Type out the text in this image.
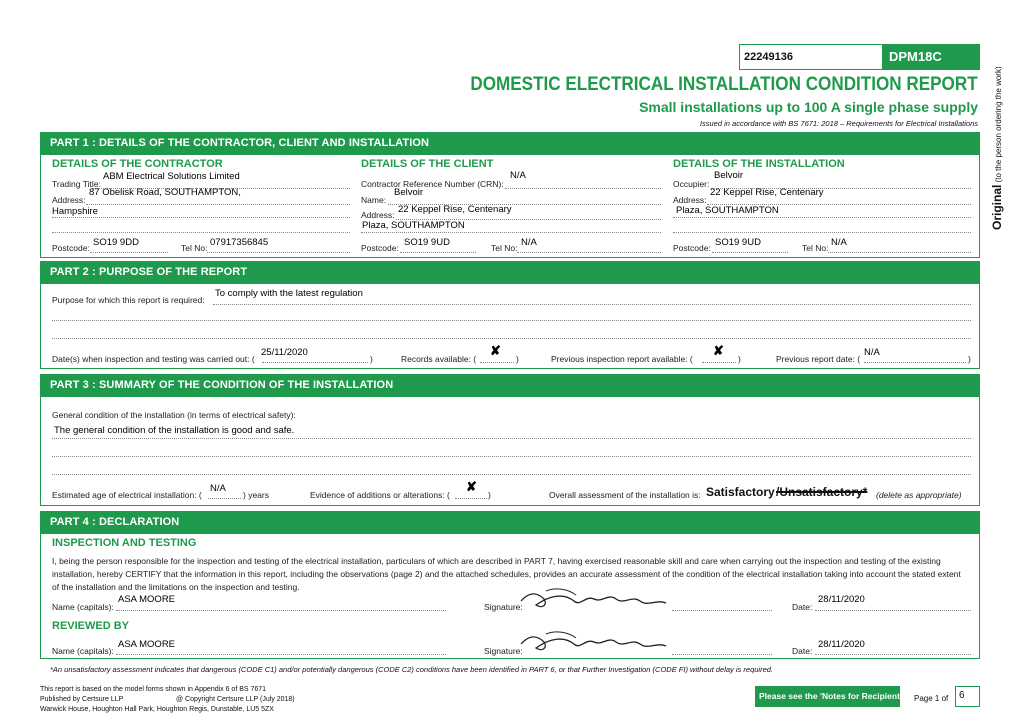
22249136	DPM18C
DOMESTIC ELECTRICAL INSTALLATION CONDITION REPORT
Small installations up to 100 A single phase supply
Issued in accordance with BS 7671: 2018 – Requirements for Electrical Installations
Original (to the person ordering the work)
PART 1 : DETAILS OF THE CONTRACTOR, CLIENT AND INSTALLATION
DETAILS OF THE CONTRACTOR
Trading Title:
ABM Electrical Solutions Limited
Address:
87 Obelisk Road, SOUTHAMPTON,
Hampshire
Postcode: SO19 9DD	Tel No: 07917356845
DETAILS OF THE CLIENT
Contractor Reference Number (CRN):
N/A
Name:
Belvoir
Address: 22 Keppel Rise, Centenary
Plaza, SOUTHAMPTON
Postcode: SO19 9UD	Tel No: N/A
DETAILS OF THE INSTALLATION
Occupier:
Belvoir
Address:
22 Keppel Rise, Centenary
Plaza, SOUTHAMPTON
Postcode: SO19 9UD	Tel No: N/A
PART 2 : PURPOSE OF THE REPORT
Purpose for which this report is required:
To comply with the latest regulation
Date(s) when inspection and testing was carried out: (
25/11/2020
)	Records available: (
✘
)	Previous inspection report available: (
✘
)	Previous report date: (
N/A
)
PART 3 : SUMMARY OF THE CONDITION OF THE INSTALLATION
General condition of the installation (in terms of electrical safety):
The general condition of the installation is good and safe.
Estimated age of electrical installation: (
N/A
) years	Evidence of additions or alterations: (
✘
)	Overall assessment of the installation is: Satisfactory /Unsatisfactory* (delete as appropriate)
PART 4 : DECLARATION
INSPECTION AND TESTING
I, being the person responsible for the inspection and testing of the electrical installation, particulars of which are described in PART 7, having exercised reasonable skill and care when carrying out the inspection and testing of the existing installation, hereby CERTIFY that the information in this report, including the observations (page 2) and the attached schedules, provides an accurate assessment of the condition of the electrical installation taking into account the stated extent of the installation and the limitations on the inspection and testing.
Name (capitals):
ASA MOORE
Signature:	Date:
28/11/2020
REVIEWED BY
Name (capitals):
ASA MOORE
Signature:	Date:
28/11/2020
*An unsatisfactory assessment indicates that dangerous (CODE C1) and/or potentially dangerous (CODE C2) conditions have been identified in PART 6, or that Further Investigation (CODE FI) without delay is required.
This report is based on the model forms shown in Appendix 6 of BS 7671
Published by Certsure LLP	@ Copyright Certsure LLP (July 2018)
Warwick House, Houghton Hall Park, Houghton Regis, Dunstable, LU5 5ZX
Please see the 'Notes for Recipient' Page 1 of	6
